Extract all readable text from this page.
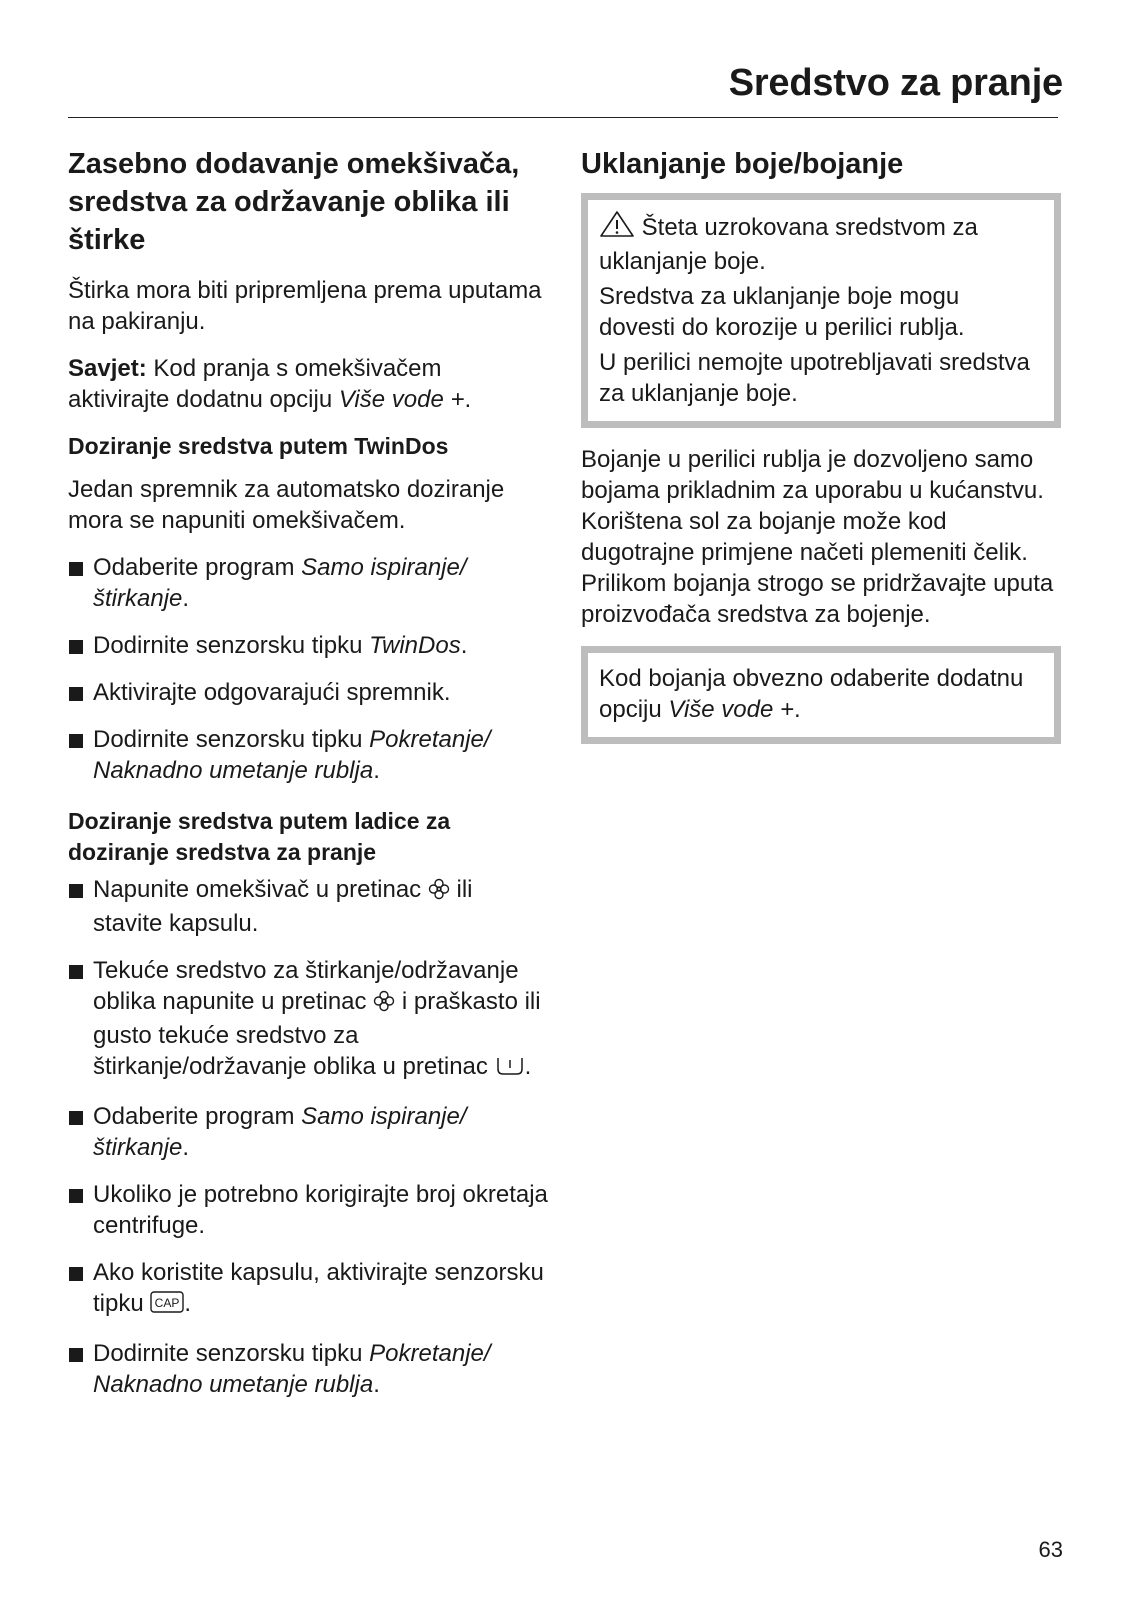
Sredstvo za pranje
Zasebno dodavanje omekšivača, sredstva za održavanje oblika ili štirke

Štirka mora biti pripremljena prema uputama na pakiranju.

Savjet: Kod pranja s omekšivačem aktivirajte dodatnu opciju Više vode +.

Doziranje sredstva putem TwinDos

Jedan spremnik za automatsko doziranje mora se napuniti omekšivačem.

Odaberite program Samo ispiranje/ štirkanje.
Dodirnite senzorsku tipku TwinDos.
Aktivirajte odgovarajući spremnik.
Dodirnite senzorsku tipku Pokretanje/ Naknadno umetanje rublja.
Doziranje sredstva putem ladice za doziranje sredstva za pranje
Napunite omekšivač u pretinac  ili stavite kapsulu.
Tekuće sredstvo za štirkanje/održavanje oblika napunite u pretinac  i praškasto ili gusto tekuće sredstvo za štirkanje/održavanje oblika u pretinac .
Odaberite program Samo ispiranje/ štirkanje.
Ukoliko je potrebno korigirajte broj okretaja centrifuge.
Ako koristite kapsulu, aktivirajte senzorsku tipku CAP .
Dodirnite senzorsku tipku Pokretanje/ Naknadno umetanje rublja.
Uklanjanje boje/bojanje

Šteta uzrokovana sredstvom za uklanjanje boje.

Sredstva za uklanjanje boje mogu dovesti do korozije u perilici rublja.

U perilici nemojte upotrebljavati sredstva za uklanjanje boje.

Bojanje u perilici rublja je dozvoljeno samo bojama prikladnim za uporabu u kućanstvu. Korištena sol za bojanje može kod dugotrajne primjene načeti plemeniti čelik. Prilikom bojanja strogo se pridržavajte uputa proizvođača sredstva za bojenje.

Kod bojanja obvezno odaberite dodatnu opciju Više vode +.

63
